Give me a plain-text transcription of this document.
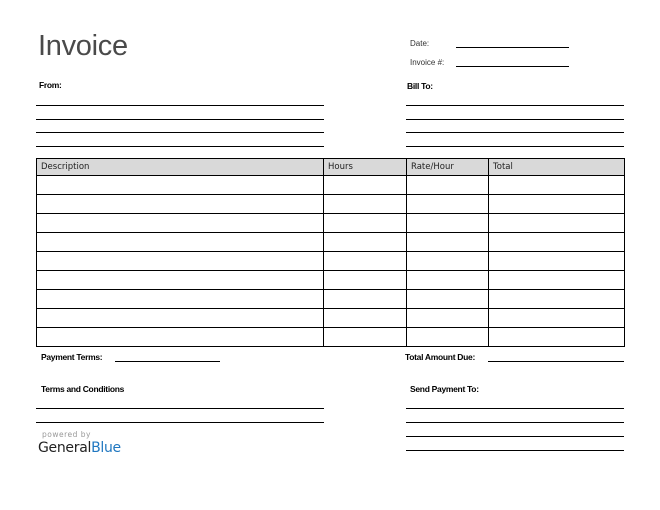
Invoice	Date:
Invoice #:
From:	Bill To:
Description	Hours	Rate/Hour	Total

Payment Terms:	Total Amount Due:
Terms and Conditions	Send Payment To:
powered by
GeneralBlue
